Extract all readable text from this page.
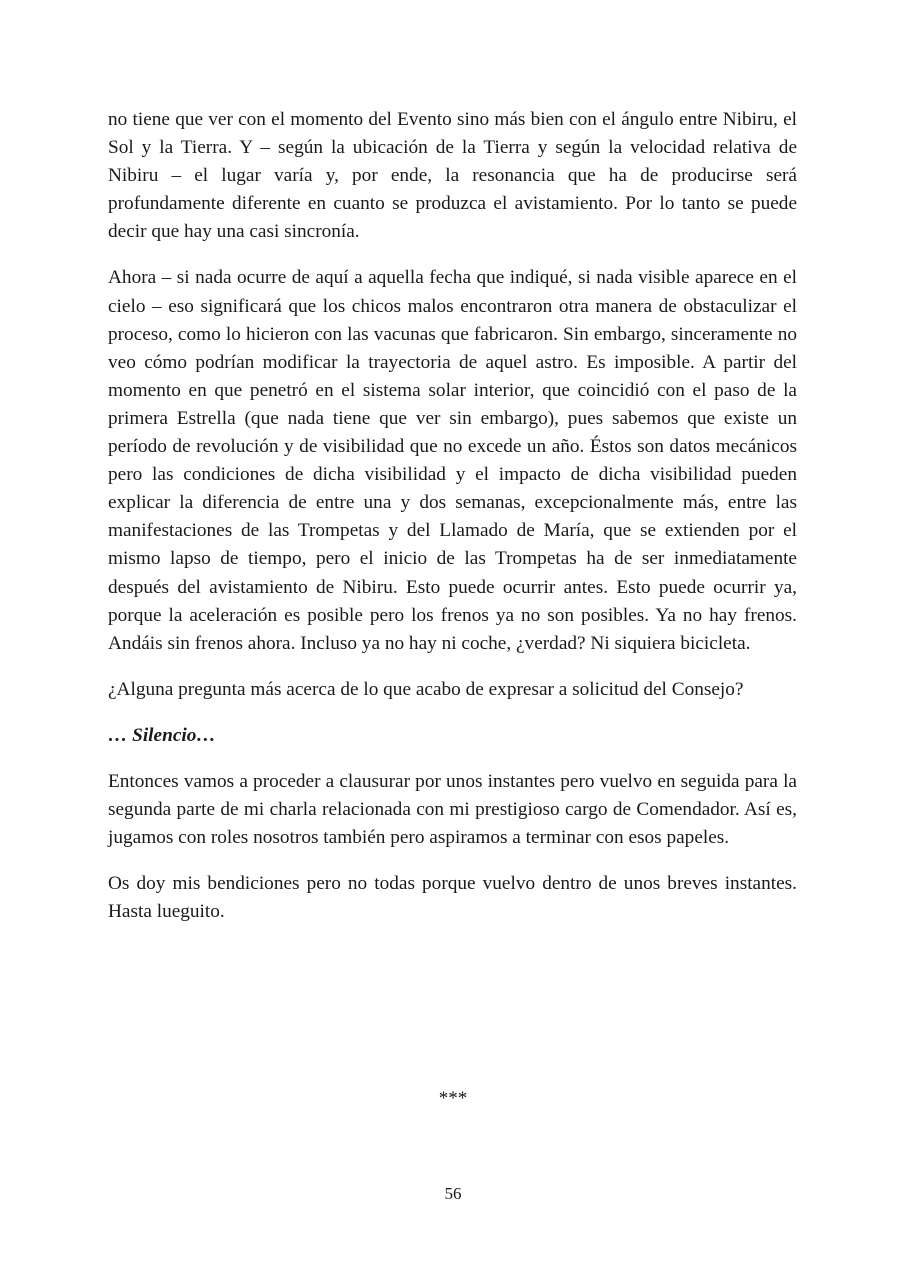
no tiene que ver con el momento del Evento sino más bien con el ángulo entre Nibiru, el Sol y la Tierra. Y – según la ubicación de la Tierra y según la velocidad relativa de Nibiru – el lugar varía y, por ende, la resonancia que ha de producirse será profundamente diferente en cuanto se produzca el avistamiento. Por lo tanto se puede decir que hay una casi sincronía.

Ahora – si nada ocurre de aquí a aquella fecha que indiqué, si nada visible aparece en el cielo – eso significará que los chicos malos encontraron otra manera de obstaculizar el proceso, como lo hicieron con las vacunas que fabricaron. Sin embargo, sinceramente no veo cómo podrían modificar la trayectoria de aquel astro. Es imposible. A partir del momento en que penetró en el sistema solar interior, que coincidió con el paso de la primera Estrella (que nada tiene que ver sin embargo), pues sabemos que existe un período de revolución y de visibilidad que no excede un año. Éstos son datos mecánicos pero las condiciones de dicha visibilidad y el impacto de dicha visibilidad pueden explicar la diferencia de entre una y dos semanas, excepcionalmente más, entre las manifestaciones de las Trompetas y del Llamado de María, que se extienden por el mismo lapso de tiempo, pero el inicio de las Trompetas ha de ser inmediatamente después del avistamiento de Nibiru. Esto puede ocurrir antes. Esto puede ocurrir ya, porque la aceleración es posible pero los frenos ya no son posibles. Ya no hay frenos. Andáis sin frenos ahora. Incluso ya no hay ni coche, ¿verdad? Ni siquiera bicicleta.

¿Alguna pregunta más acerca de lo que acabo de expresar a solicitud del Consejo?

… Silencio…

Entonces vamos a proceder a clausurar por unos instantes pero vuelvo en seguida para la segunda parte de mi charla relacionada con mi prestigioso cargo de Comendador. Así es, jugamos con roles nosotros también pero aspiramos a terminar con esos papeles.

Os doy mis bendiciones pero no todas porque vuelvo dentro de unos breves instantes. Hasta lueguito.

***
56
